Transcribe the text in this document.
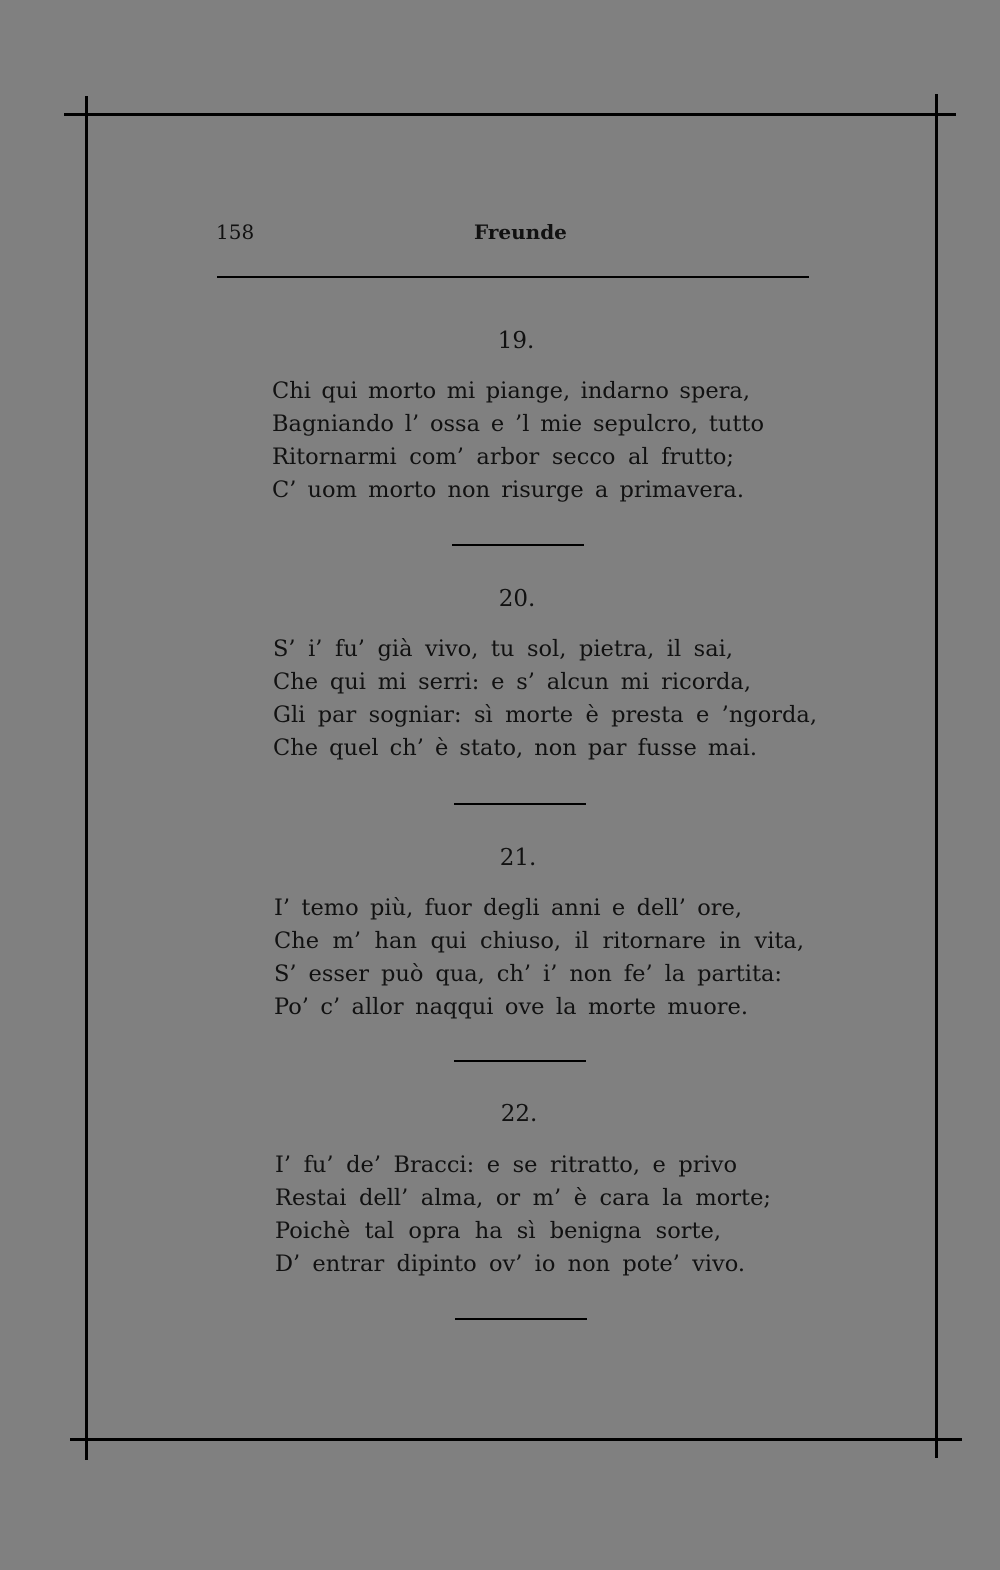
158	Freunde
19.
Chi qui morto mi piange, indarno spera,
Bagniando l’ ossa e ’l mie sepulcro, tutto
Ritornarmi com’ arbor secco al frutto;
C’ uom morto non risurge a primavera.
20.
S’ i’ fu’ già vivo, tu sol, pietra, il sai,
Che qui mi serri: e s’ alcun mi ricorda,
Gli par sogniar: sì morte è presta e ’ngorda,
Che quel ch’ è stato, non par fusse mai.
21.
I’ temo più, fuor degli anni e dell’ ore,
Che m’ han qui chiuso, il ritornare in vita,
S’ esser può qua, ch’ i’ non fe’ la partita:
Po’ c’ allor naqqui ove la morte muore.
22.
I’ fu’ de’ Bracci: e se ritratto, e privo
Restai dell’ alma, or m’ è cara la morte;
Poichè tal opra ha sì benigna sorte,
D’ entrar dipinto ov’ io non pote’ vivo.
